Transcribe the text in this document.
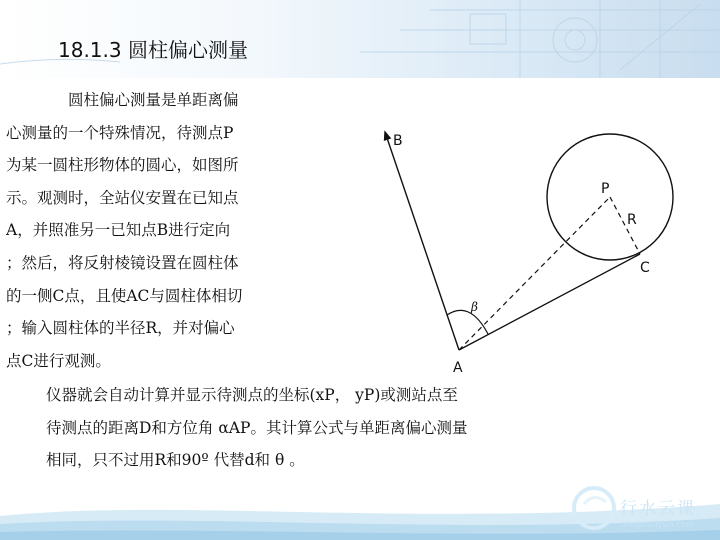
18.1.3 圆柱偏心测量
　　　　圆柱偏心测量是单距离偏
心测量的一个特殊情况，待测点P
为某一圆柱形物体的圆心，如图所
示。观测时，全站仪安置在已知点
A，并照准另一已知点B进行定向
；然后，将反射棱镜设置在圆柱体
的一侧C点，且使AC与圆柱体相切
；输入圆柱体的半径R，并对偏心
点C进行观测。
仪器就会自动计算并显示待测点的坐标(xP， yP)或测站点至
待测点的距离D和方位角 αAP。其计算公式与单距离偏心测量
相同，只不过用R和90º 代替d和 θ 。
B
P
R
C
A
β
行水云课
xingshuiyun.com
